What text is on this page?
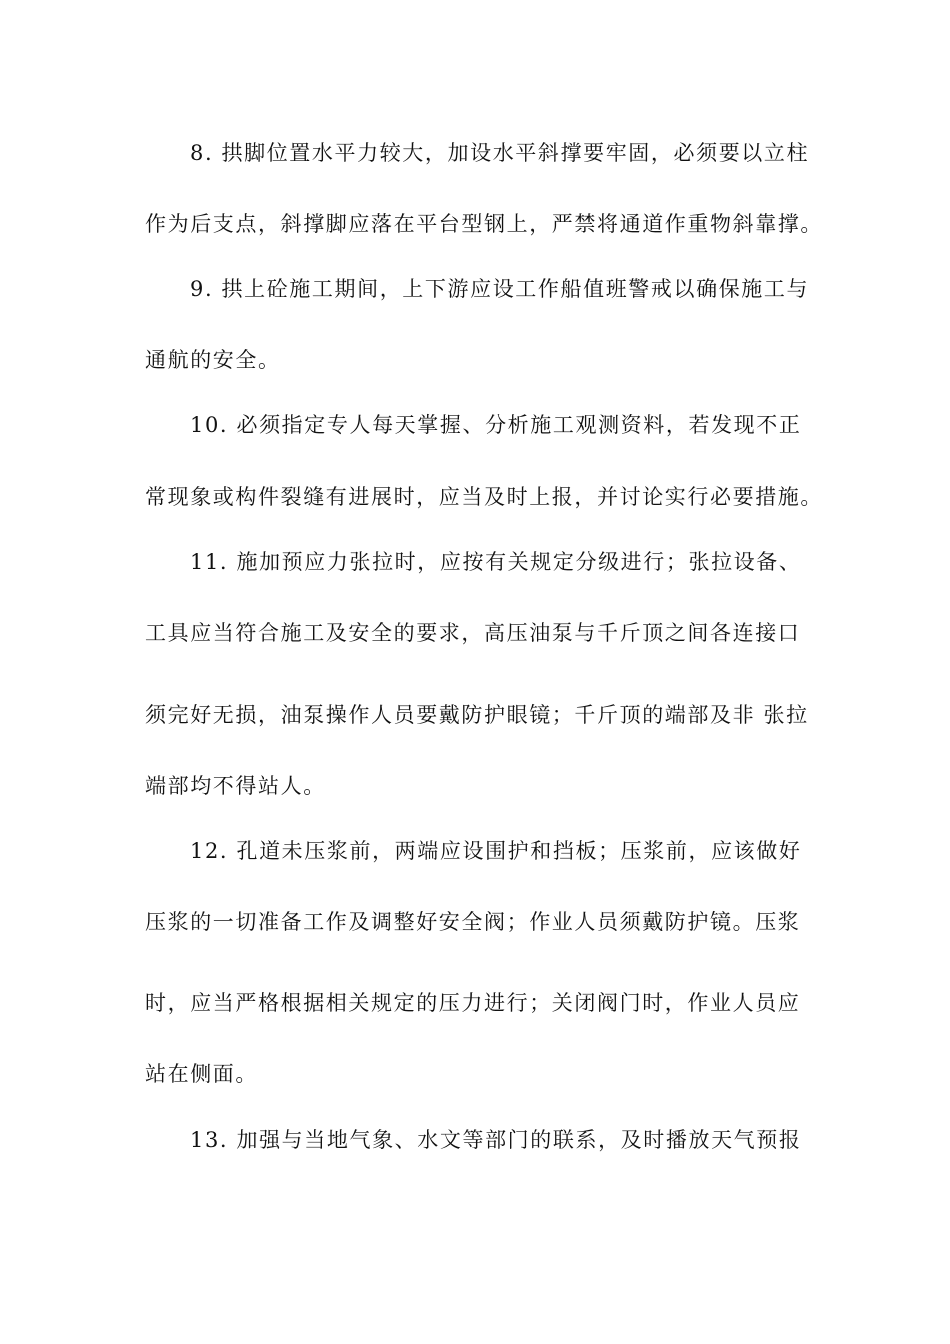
8. 拱脚位置水平力较大，加设水平斜撑要牢固，必须要以立柱
作为后支点，斜撑脚应落在平台型钢上，严禁将通道作重物斜靠撑。
9. 拱上砼施工期间，上下游应设工作船值班警戒以确保施工与
通航的安全。
10. 必须指定专人每天掌握、分析施工观测资料，若发现不正
常现象或构件裂缝有进展时，应当及时上报，并讨论实行必要措施。
11. 施加预应力张拉时，应按有关规定分级进行；张拉设备、
工具应当符合施工及安全的要求，高压油泵与千斤顶之间各连接口
须完好无损，油泵操作人员要戴防护眼镜；千斤顶的端部及非 张拉
端部均不得站人。
12. 孔道未压浆前，两端应设围护和挡板；压浆前，应该做好
压浆的一切准备工作及调整好安全阀；作业人员须戴防护镜。压浆
时，应当严格根据相关规定的压力进行；关闭阀门时，作业人员应
站在侧面。
13. 加强与当地气象、水文等部门的联系，及时播放天气预报
